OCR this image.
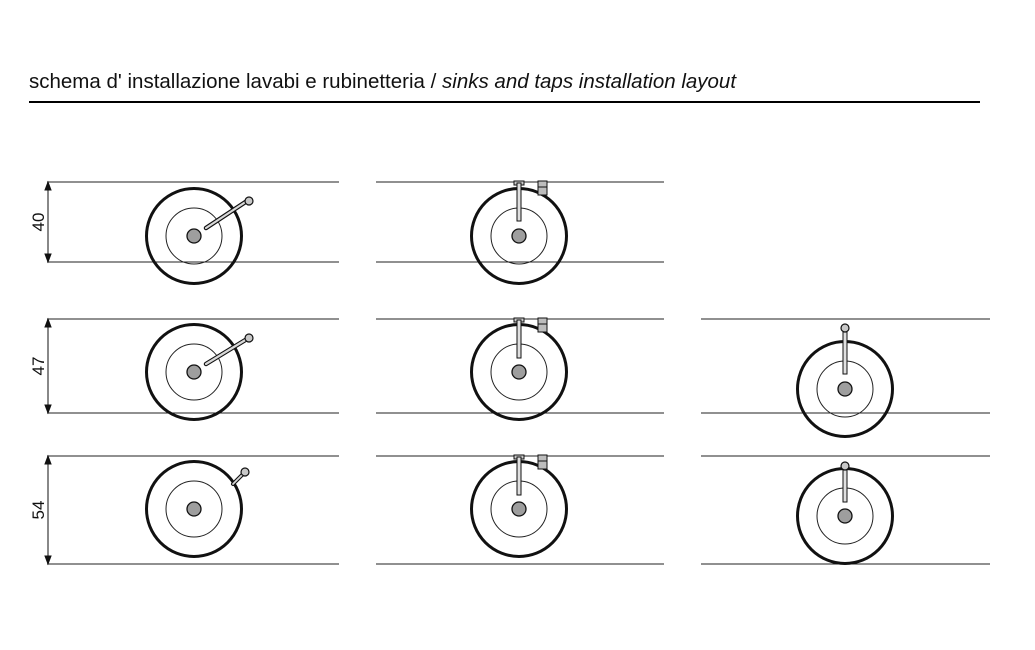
schema d' installazione lavabi e rubinetteria / sinks and taps installation layout
40
47
54
